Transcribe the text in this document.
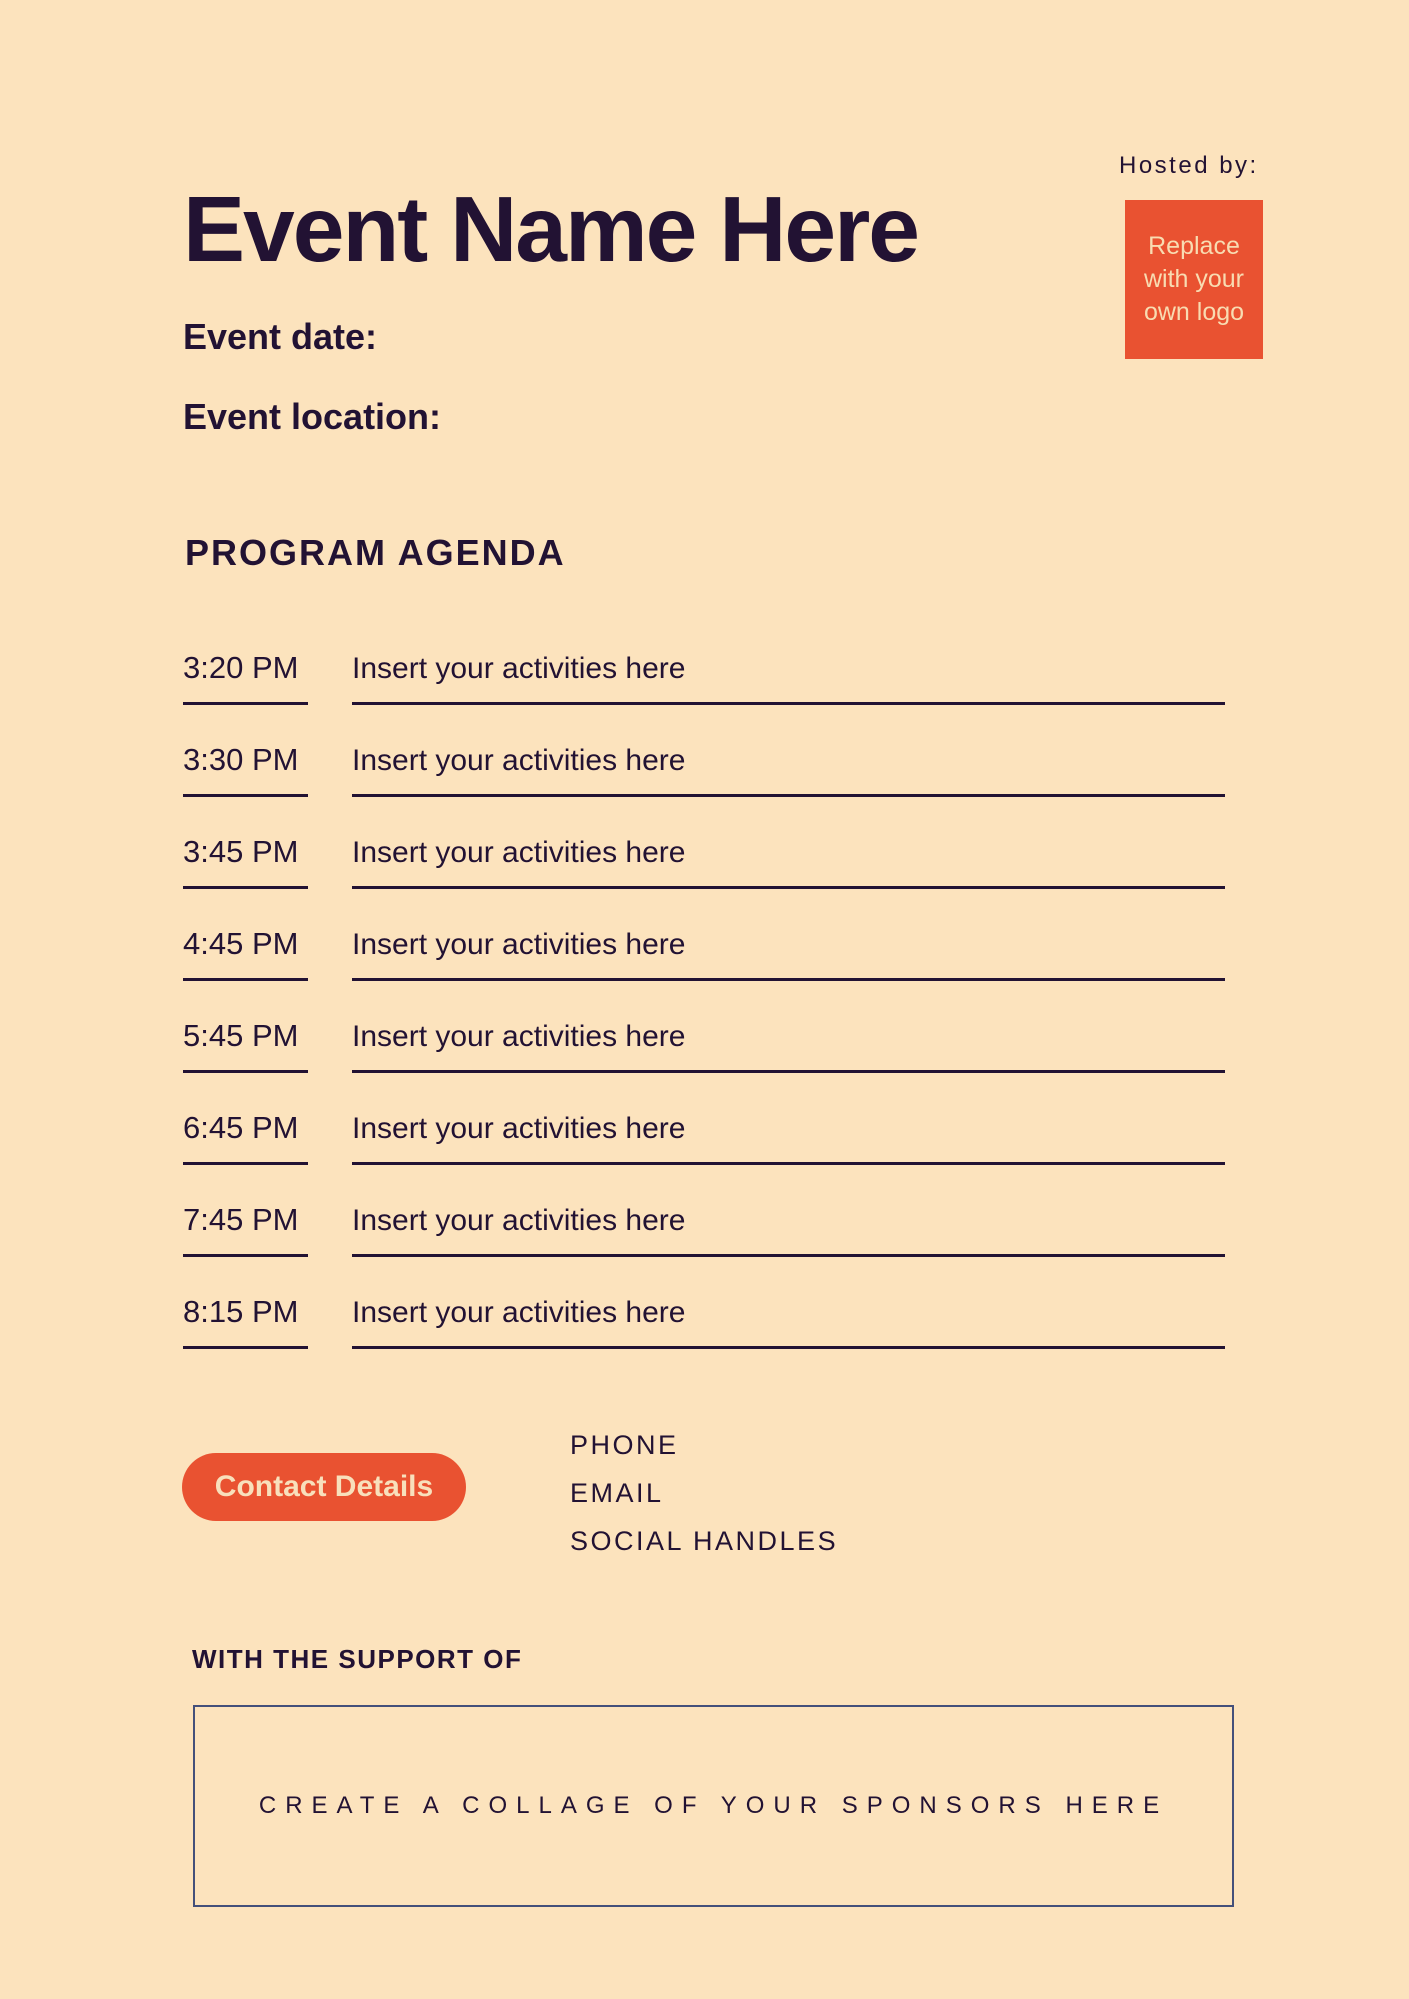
Hosted by:
Replace with your own logo
Event Name Here
Event date:
Event location:
PROGRAM AGENDA
3:20 PM Insert your activities here
3:30 PM Insert your activities here
3:45 PM Insert your activities here
4:45 PM Insert your activities here
5:45 PM Insert your activities here
6:45 PM Insert your activities here
7:45 PM Insert your activities here
8:15 PM Insert your activities here
Contact Details
PHONE
EMAIL
SOCIAL HANDLES
WITH THE SUPPORT OF
CREATE A COLLAGE OF YOUR SPONSORS HERE
